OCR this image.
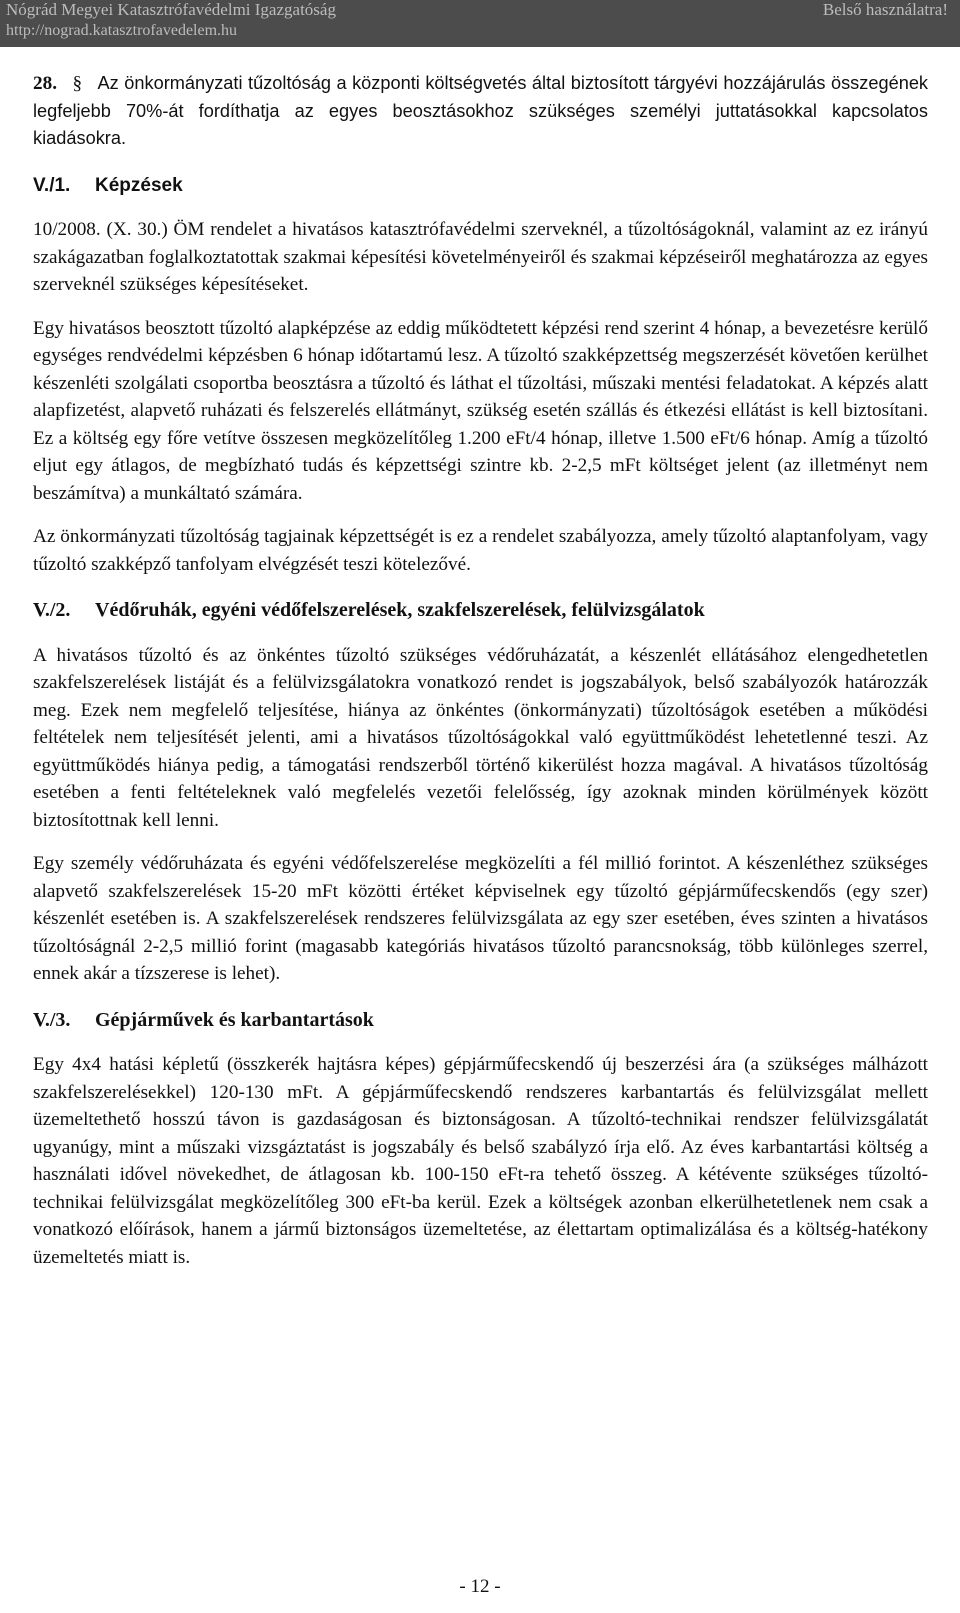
Nógrád Megyei Katasztrófavédelmi Igazgatóság
http://nograd.katasztrofavedelem.hu
Belső használatra!

28. § Az önkormányzati tűzoltóság a központi költségvetés által biztosított tárgyévi hozzájárulás összegének legfeljebb 70%-át fordíthatja az egyes beosztásokhoz szükséges személyi juttatásokkal kapcsolatos kiadásokra.

V./1.	Képzések

10/2008. (X. 30.) ÖM rendelet a hivatásos katasztrófavédelmi szerveknél, a tűzoltóságoknál, valamint az ez irányú szakágazatban foglalkoztatottak szakmai képesítési követelményeiről és szakmai képzéseiről meghatározza az egyes szerveknél szükséges képesítéseket.

Egy hivatásos beosztott tűzoltó alapképzése az eddig működtetett képzési rend szerint 4 hónap, a bevezetésre kerülő egységes rendvédelmi képzésben 6 hónap időtartamú lesz. A tűzoltó szakképzettség megszerzését követően kerülhet készenléti szolgálati csoportba beosztásra a tűzoltó és láthat el tűzoltási, műszaki mentési feladatokat. A képzés alatt alapfizetést, alapvető ruházati és felszerelés ellátmányt, szükség esetén szállás és étkezési ellátást is kell biztosítani. Ez a költség egy főre vetítve összesen megközelítőleg 1.200 eFt/4 hónap, illetve 1.500 eFt/6 hónap. Amíg a tűzoltó eljut egy átlagos, de megbízható tudás és képzettségi szintre kb. 2-2,5 mFt költséget jelent (az illetményt nem beszámítva) a munkáltató számára.

Az önkormányzati tűzoltóság tagjainak képzettségét is ez a rendelet szabályozza, amely tűzoltó alaptanfolyam, vagy tűzoltó szakképző tanfolyam elvégzését teszi kötelezővé.

V./2.	Védőruhák, egyéni védőfelszerelések, szakfelszerelések, felülvizsgálatok

A hivatásos tűzoltó és az önkéntes tűzoltó szükséges védőruházatát, a készenlét ellátásához elengedhetetlen szakfelszerelések listáját és a felülvizsgálatokra vonatkozó rendet is jogszabályok, belső szabályozók határozzák meg. Ezek nem megfelelő teljesítése, hiánya az önkéntes (önkormányzati) tűzoltóságok esetében a működési feltételek nem teljesítését jelenti, ami a hivatásos tűzoltóságokkal való együttműködést lehetetlenné teszi. Az együttműködés hiánya pedig, a támogatási rendszerből történő kikerülést hozza magával. A hivatásos tűzoltóság esetében a fenti feltételeknek való megfelelés vezetői felelősség, így azoknak minden körülmények között biztosítottnak kell lenni.

Egy személy védőruházata és egyéni védőfelszerelése megközelíti a fél millió forintot. A készenléthez szükséges alapvető szakfelszerelések 15-20 mFt közötti értéket képviselnek egy tűzoltó gépjárműfecskendős (egy szer) készenlét esetében is. A szakfelszerelések rendszeres felülvizsgálata az egy szer esetében, éves szinten a hivatásos tűzoltóságnál 2-2,5 millió forint (magasabb kategóriás hivatásos tűzoltó parancsnokság, több különleges szerrel, ennek akár a tízszerese is lehet).

V./3.	Gépjárművek és karbantartások

Egy 4x4 hatási képletű (összkerék hajtásra képes) gépjárműfecskendő új beszerzési ára (a szükséges málházott szakfelszerelésekkel) 120-130 mFt. A gépjárműfecskendő rendszeres karbantartás és felülvizsgálat mellett üzemeltethető hosszú távon is gazdaságosan és biztonságosan. A tűzoltó-technikai rendszer felülvizsgálatát ugyanúgy, mint a műszaki vizsgáztatást is jogszabály és belső szabályzó írja elő. Az éves karbantartási költség a használati idővel növekedhet, de átlagosan kb. 100-150 eFt-ra tehető összeg. A kétévente szükséges tűzoltó-technikai felülvizsgálat megközelítőleg 300 eFt-ba kerül. Ezek a költségek azonban elkerülhetetlenek nem csak a vonatkozó előírások, hanem a jármű biztonságos üzemeltetése, az élettartam optimalizálása és a költség-hatékony üzemeltetés miatt is.

- 12 -
